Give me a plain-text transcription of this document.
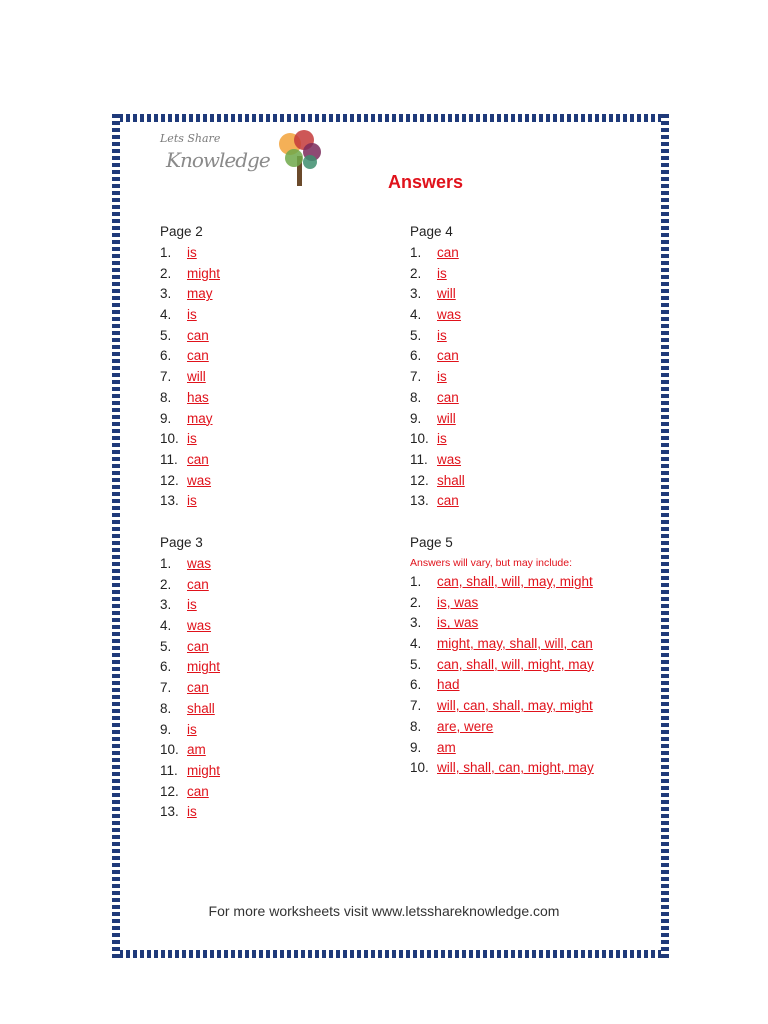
Lets Share
Knowledge
Answers
Page 2
1. is
2. might
3. may
4. is
5. can
6. can
7. will
8. has
9. may
10. is
11. can
12. was
13. is
Page 4
1. can
2. is
3. will
4. was
5. is
6. can
7. is
8. can
9. will
10. is
11. was
12. shall
13. can
Page 3
1. was
2. can
3. is
4. was
5. can
6. might
7. can
8. shall
9. is
10. am
11. might
12. can
13. is
Page 5
Answers will vary, but may include:
1. can, shall, will, may, might
2. is, was
3. is, was
4. might, may, shall, will, can
5. can, shall, will, might, may
6. had
7. will, can, shall, may, might
8. are, were
9. am
10. will, shall, can, might, may
For more worksheets visit www.letsshareknowledge.com
